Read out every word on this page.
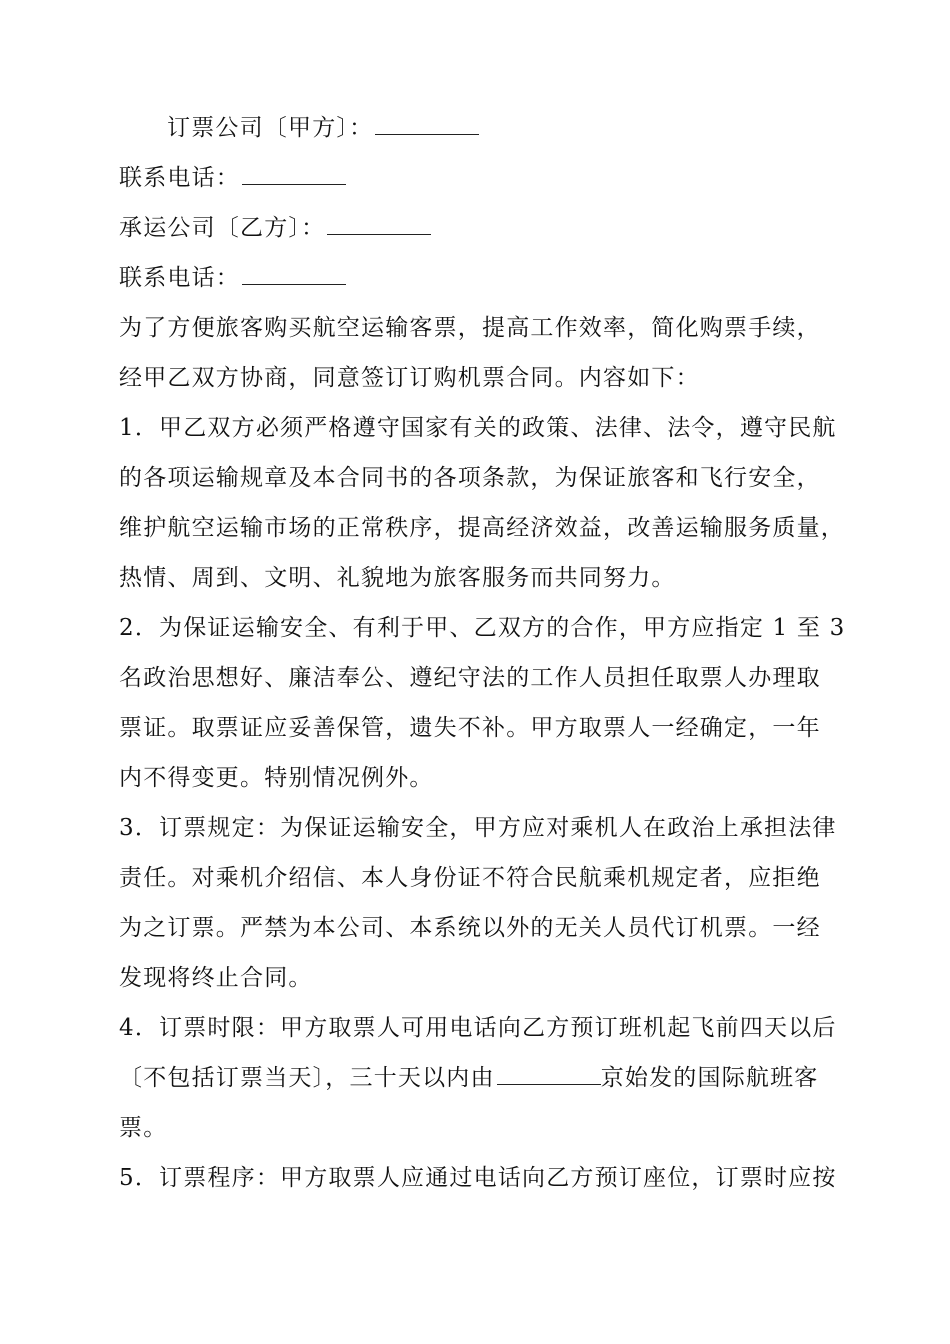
订票公司〔甲方〕：
联系电话：
承运公司〔乙方〕：
联系电话：
为了方便旅客购买航空运输客票，提高工作效率，简化购票手续，
经甲乙双方协商，同意签订订购机票合同。内容如下：
1．甲乙双方必须严格遵守国家有关的政策、法律、法令，遵守民航
的各项运输规章及本合同书的各项条款，为保证旅客和飞行安全，
维护航空运输市场的正常秩序，提高经济效益，改善运输服务质量，
热情、周到、文明、礼貌地为旅客服务而共同努力。
2．为保证运输安全、有利于甲、乙双方的合作，甲方应指定 1 至 3
名政治思想好、廉洁奉公、遵纪守法的工作人员担任取票人办理取
票证。取票证应妥善保管，遗失不补。甲方取票人一经确定，一年
内不得变更。特别情况例外。
3．订票规定：为保证运输安全，甲方应对乘机人在政治上承担法律
责任。对乘机介绍信、本人身份证不符合民航乘机规定者，应拒绝
为之订票。严禁为本公司、本系统以外的无关人员代订机票。一经
发现将终止合同。
4．订票时限：甲方取票人可用电话向乙方预订班机起飞前四天以后
〔不包括订票当天〕，三十天以内由	京始发的国际航班客
票。
5．订票程序：甲方取票人应通过电话向乙方预订座位，订票时应按
